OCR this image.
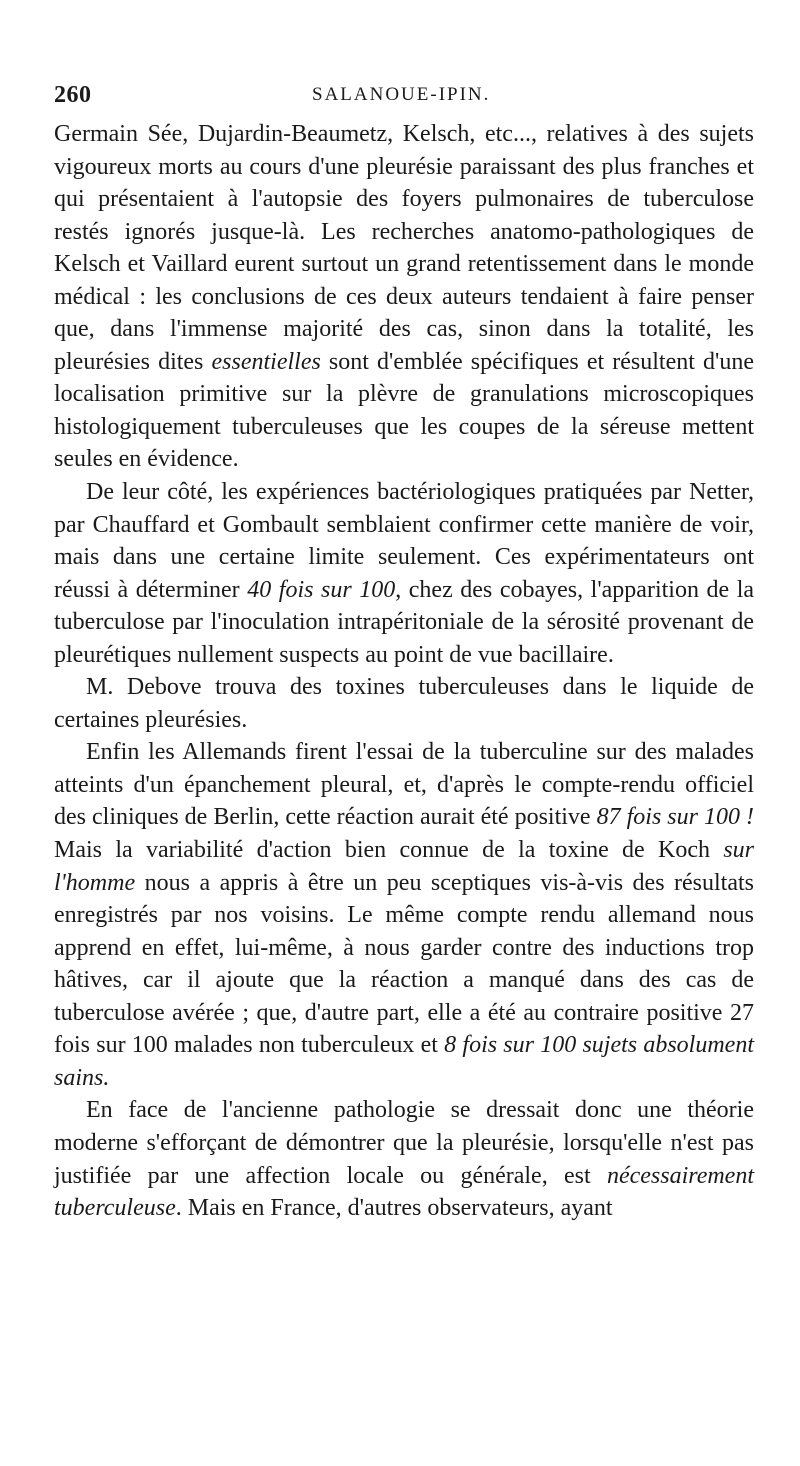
260	SALANOUE-IPIN.

Germain Sée, Dujardin-Beaumetz, Kelsch, etc..., relatives à des sujets vigoureux morts au cours d'une pleurésie paraissant des plus franches et qui présentaient à l'autopsie des foyers pulmonaires de tuberculose restés ignorés jusque-là. Les recherches anatomo-pathologiques de Kelsch et Vaillard eurent surtout un grand retentissement dans le monde médical : les conclusions de ces deux auteurs tendaient à faire penser que, dans l'immense majorité des cas, sinon dans la totalité, les pleurésies dites essentielles sont d'emblée spécifiques et résultent d'une localisation primitive sur la plèvre de granulations microscopiques histologiquement tuberculeuses que les coupes de la séreuse mettent seules en évidence.

De leur côté, les expériences bactériologiques pratiquées par Netter, par Chauffard et Gombault semblaient confirmer cette manière de voir, mais dans une certaine limite seulement. Ces expérimentateurs ont réussi à déterminer 40 fois sur 100, chez des cobayes, l'apparition de la tuberculose par l'inoculation intrapéritoniale de la sérosité provenant de pleurétiques nullement suspects au point de vue bacillaire.

M. Debove trouva des toxines tuberculeuses dans le liquide de certaines pleurésies.

Enfin les Allemands firent l'essai de la tuberculine sur des malades atteints d'un épanchement pleural, et, d'après le compte-rendu officiel des cliniques de Berlin, cette réaction aurait été positive 87 fois sur 100 ! Mais la variabilité d'action bien connue de la toxine de Koch sur l'homme nous a appris à être un peu sceptiques vis-à-vis des résultats enregistrés par nos voisins. Le même compte rendu allemand nous apprend en effet, lui-même, à nous garder contre des inductions trop hâtives, car il ajoute que la réaction a manqué dans des cas de tuberculose avérée ; que, d'autre part, elle a été au contraire positive 27 fois sur 100 malades non tuberculeux et 8 fois sur 100 sujets absolument sains.

En face de l'ancienne pathologie se dressait donc une théorie moderne s'efforçant de démontrer que la pleurésie, lorsqu'elle n'est pas justifiée par une affection locale ou générale, est nécessairement tuberculeuse. Mais en France, d'autres observateurs, ayant
